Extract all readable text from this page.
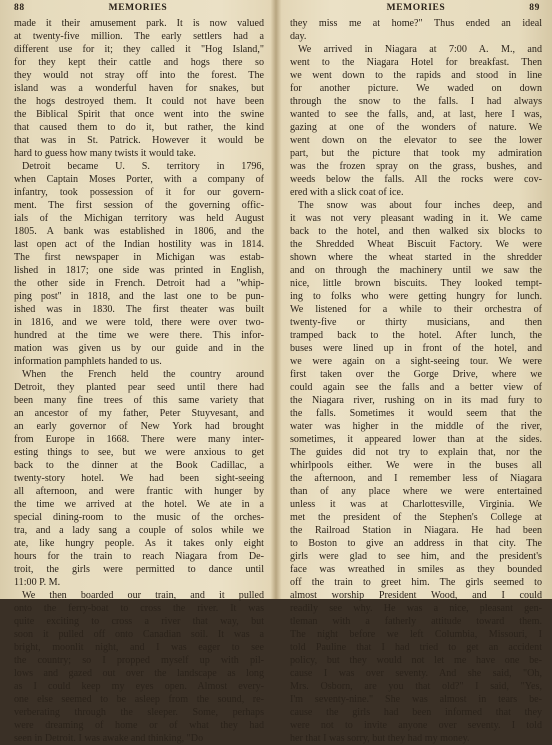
88	MEMORIES
made it their amusement park. It is now valued
at twenty-five million. The early settlers had a
different use for it; they called it "Hog Island,"
for they kept their cattle and hogs there so
they would not stray off into the forest. The
island was a wonderful haven for snakes, but
the hogs destroyed them. It could not have been
the Biblical Spirit that once went into the swine
that caused them to do it, but rather, the kind
that was in St. Patrick. However it would be
hard to guess how many twists it would take.
Detroit became U. S. territory in 1796,
when Captain Moses Porter, with a company of
infantry, took possession of it for our govern-
ment. The first session of the governing offic-
ials of the Michigan territory was held August
1805. A bank was established in 1806, and the
last open act of the Indian hostility was in 1814.
The first newspaper in Michigan was estab-
lished in 1817; one side was printed in English,
the other side in French. Detroit had a "whip-
ping post" in 1818, and the last one to be pun-
ished was in 1830. The first theater was built
in 1816, and we were told, there were over two-
hundred at the time we were there. This infor-
mation was given us by our guide and in the
information pamphlets handed to us.
When the French held the country around
Detroit, they planted pear seed until there had
been many fine trees of this same variety that
an ancestor of my father, Peter Stuyvesant, and
an early governor of New York had brought
from Europe in 1668. There were many inter-
esting things to see, but we were anxious to get
back to the dinner at the Book Cadillac, a
twenty-story hotel. We had been sight-seeing
all afternoon, and were frantic with hunger by
the time we arrived at the hotel. We ate in a
special dining-room to the music of the orches-
tra, and a lady sang a couple of solos while we
ate, like hungry people. As it takes only eight
hours for the train to reach Niagara from De-
troit, the girls were permitted to dance until
11:00 P. M.
We then boarded our train, and it pulled
onto the ferry-boat to cross the river. It was
quite exciting to cross a river that way, but
soon it pulled off onto Canadian soil. It was a
bright, moonlit night, and I was eager to see
the country; so I propped myself up with pil-
lows and gazed out over the landscape as long
as I could keep my eyes open. Almost every-
one else seemed to be asleep from the sound, re-
verberating through the sleeper. Some, perhaps
were dreaming of home or of what they had
seen in Detroit. I was awake and thinking, "Do
MEMORIES	89
they miss me at home?" Thus ended an ideal
day.
We arrived in Niagara at 7:00 A. M., and
went to the Niagara Hotel for breakfast. Then
we went down to the rapids and stood in line
for another picture. We waded on down
through the snow to the falls. I had always
wanted to see the falls, and, at last, here I was,
gazing at one of the wonders of nature. We
went down on the elevator to see the lower
part, but the picture that took my admiration
was the frozen spray on the grass, bushes, and
weeds below the falls. All the rocks were cov-
ered with a slick coat of ice.
The snow was about four inches deep, and
it was not very pleasant wading in it. We came
back to the hotel, and then walked six blocks to
the Shredded Wheat Biscuit Factory. We were
shown where the wheat started in the shredder
and on through the machinery until we saw the
nice, little brown biscuits. They looked tempt-
ing to folks who were getting hungry for lunch.
We listened for a while to their orchestra of
twenty-five or thirty musicians, and then
tramped back to the hotel. After lunch, the
buses were lined up in front of the hotel, and
we were again on a sight-seeing tour. We were
first taken over the Gorge Drive, where we
could again see the falls and a better view of
the Niagara river, rushing on in its mad fury to
the falls. Sometimes it would seem that the
water was higher in the middle of the river,
sometimes, it appeared lower than at the sides.
The guides did not try to explain that, nor the
whirlpools either. We were in the buses all
the afternoon, and I remember less of Niagara
than of any place where we were entertained
unless it was at Charlottesville, Virginia. We
met the president of the Stephen's College at
the Railroad Station in Niagara. He had been
to Boston to give an address in that city. The
girls were glad to see him, and the president's
face was wreathed in smiles as they bounded
off the train to greet him. The girls seemed to
almost worship President Wood, and I could
readily see why. He was a nice, pleasant gen-
tleman with a fatherly attitude toward them.
The night before we left Columbia, Missouri, I
told Pauline that I had tried to get an accident
policy, but they would not let me have one be-
cause I was over seventy. And she said, "Oh,
Mrs. Osborn, are you that old?" I said, "Yes,
I'm seventy-nine." She was almost in tears be-
cause the girls had been informed that they
were not to invite anyone over seventy. I told
her that I was sorry, but they had my money.
